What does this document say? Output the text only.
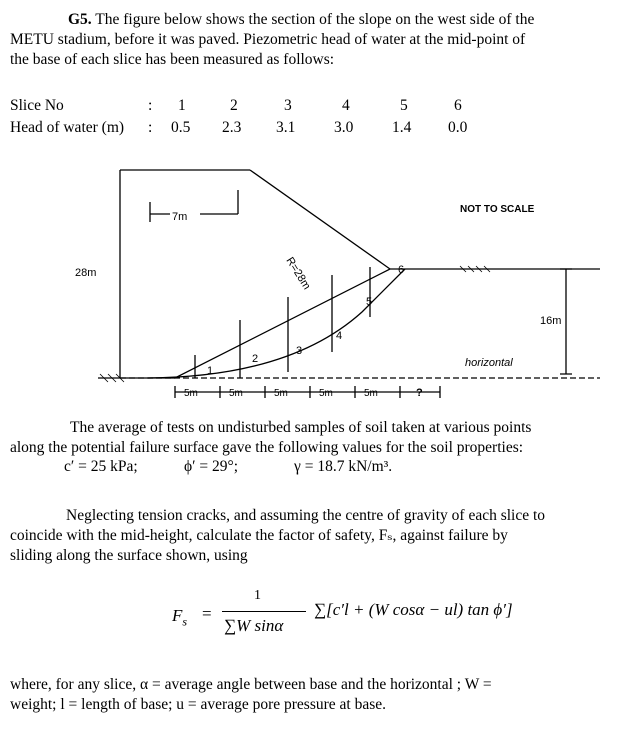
G5. The figure below shows the section of the slope on the west side of the
METU stadium, before it was paved. Piezometric head of water at the mid-point of
the base of each slice has been measured as follows:
Slice No	: 1	2	3	4	5	6
Head of water (m) : 0.5 2.3 3.1 3.0 1.4 0.0
28m
7m
R=28m
NOT TO SCALE
16m
horizontal
1
2
3
4
5
6
5m	5m	5m	5m	5m	?
The average of tests on undisturbed samples of soil taken at various points
along the potential failure surface gave the following values for the soil properties:
c′ = 25 kPa;	ϕ′ = 29°;	γ = 18.7 kN/m³.
Neglecting tension cracks, and assuming the centre of gravity of each slice to
coincide with the mid-height, calculate the factor of safety, Fₛ, against failure by
sliding along the surface shown, using
$F_s$ =
1
∑W sinα
∑[c′l + (W cosα − ul) tan ϕ′]
where, for any slice, α = average angle between base and the horizontal ; W =
weight; l = length of base; u = average pore pressure at base.
